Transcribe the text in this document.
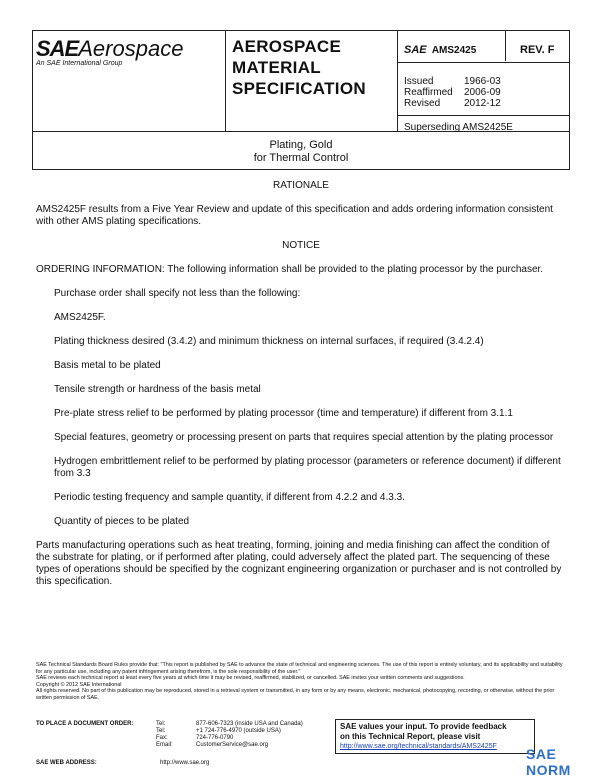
SAEAerospace
An SAE International Group
AEROSPACE
MATERIAL
SPECIFICATION
SAE AMS2425	REV. F
Issued	1966-03
Reaffirmed	2006-09
Revised	2012-12
Superseding AMS2425E
Plating, Gold
for Thermal Control

RATIONALE

AMS2425F results from a Five Year Review and update of this specification and adds ordering information consistent with other AMS plating specifications.

NOTICE

ORDERING INFORMATION: The following information shall be provided to the plating processor by the purchaser.

Purchase order shall specify not less than the following:

AMS2425F.

Plating thickness desired (3.4.2) and minimum thickness on internal surfaces, if required (3.4.2.4)

Basis metal to be plated

Tensile strength or hardness of the basis metal

Pre-plate stress relief to be performed by plating processor (time and temperature) if different from 3.1.1

Special features, geometry or processing present on parts that requires special attention by the plating processor

Hydrogen embrittlement relief to be performed by plating processor (parameters or reference document) if different from 3.3

Periodic testing frequency and sample quantity, if different from 4.2.2 and 4.3.3.

Quantity of pieces to be plated

Parts manufacturing operations such as heat treating, forming, joining and media finishing can affect the condition of the substrate for plating, or if performed after plating, could adversely affect the plated part. The sequencing of these types of operations should be specified by the cognizant engineering organization or purchaser and is not controlled by this specification.

SAE Technical Standards Board Rules provide that: "This report is published by SAE to advance the state of technical and engineering sciences. The use of this report is entirely voluntary, and its applicability and suitability for any particular use, including any patent infringement arising therefrom, is the sole responsibility of the user."
SAE reviews each technical report at least every five years at which time it may be revised, reaffirmed, stabilized, or cancelled. SAE invites your written comments and suggestions.
Copyright © 2012 SAE International
All rights reserved. No part of this publication may be reproduced, stored in a retrieval system or transmitted, in any form or by any means, electronic, mechanical, photocopying, recording, or otherwise, without the prior written permission of SAE.
TO PLACE A DOCUMENT ORDER:	Tel:	877-606-7323 (inside USA and Canada)
Tel:	+1 724-776-4970 (outside USA)
Fax:	724-776-0790
Email:	CustomerService@sae.org
SAE WEB ADDRESS:	http://www.sae.org
SAE values your input. To provide feedback
on this Technical Report, please visit
http://www.sae.org/technical/standards/AMS2425F	SAE NORM
